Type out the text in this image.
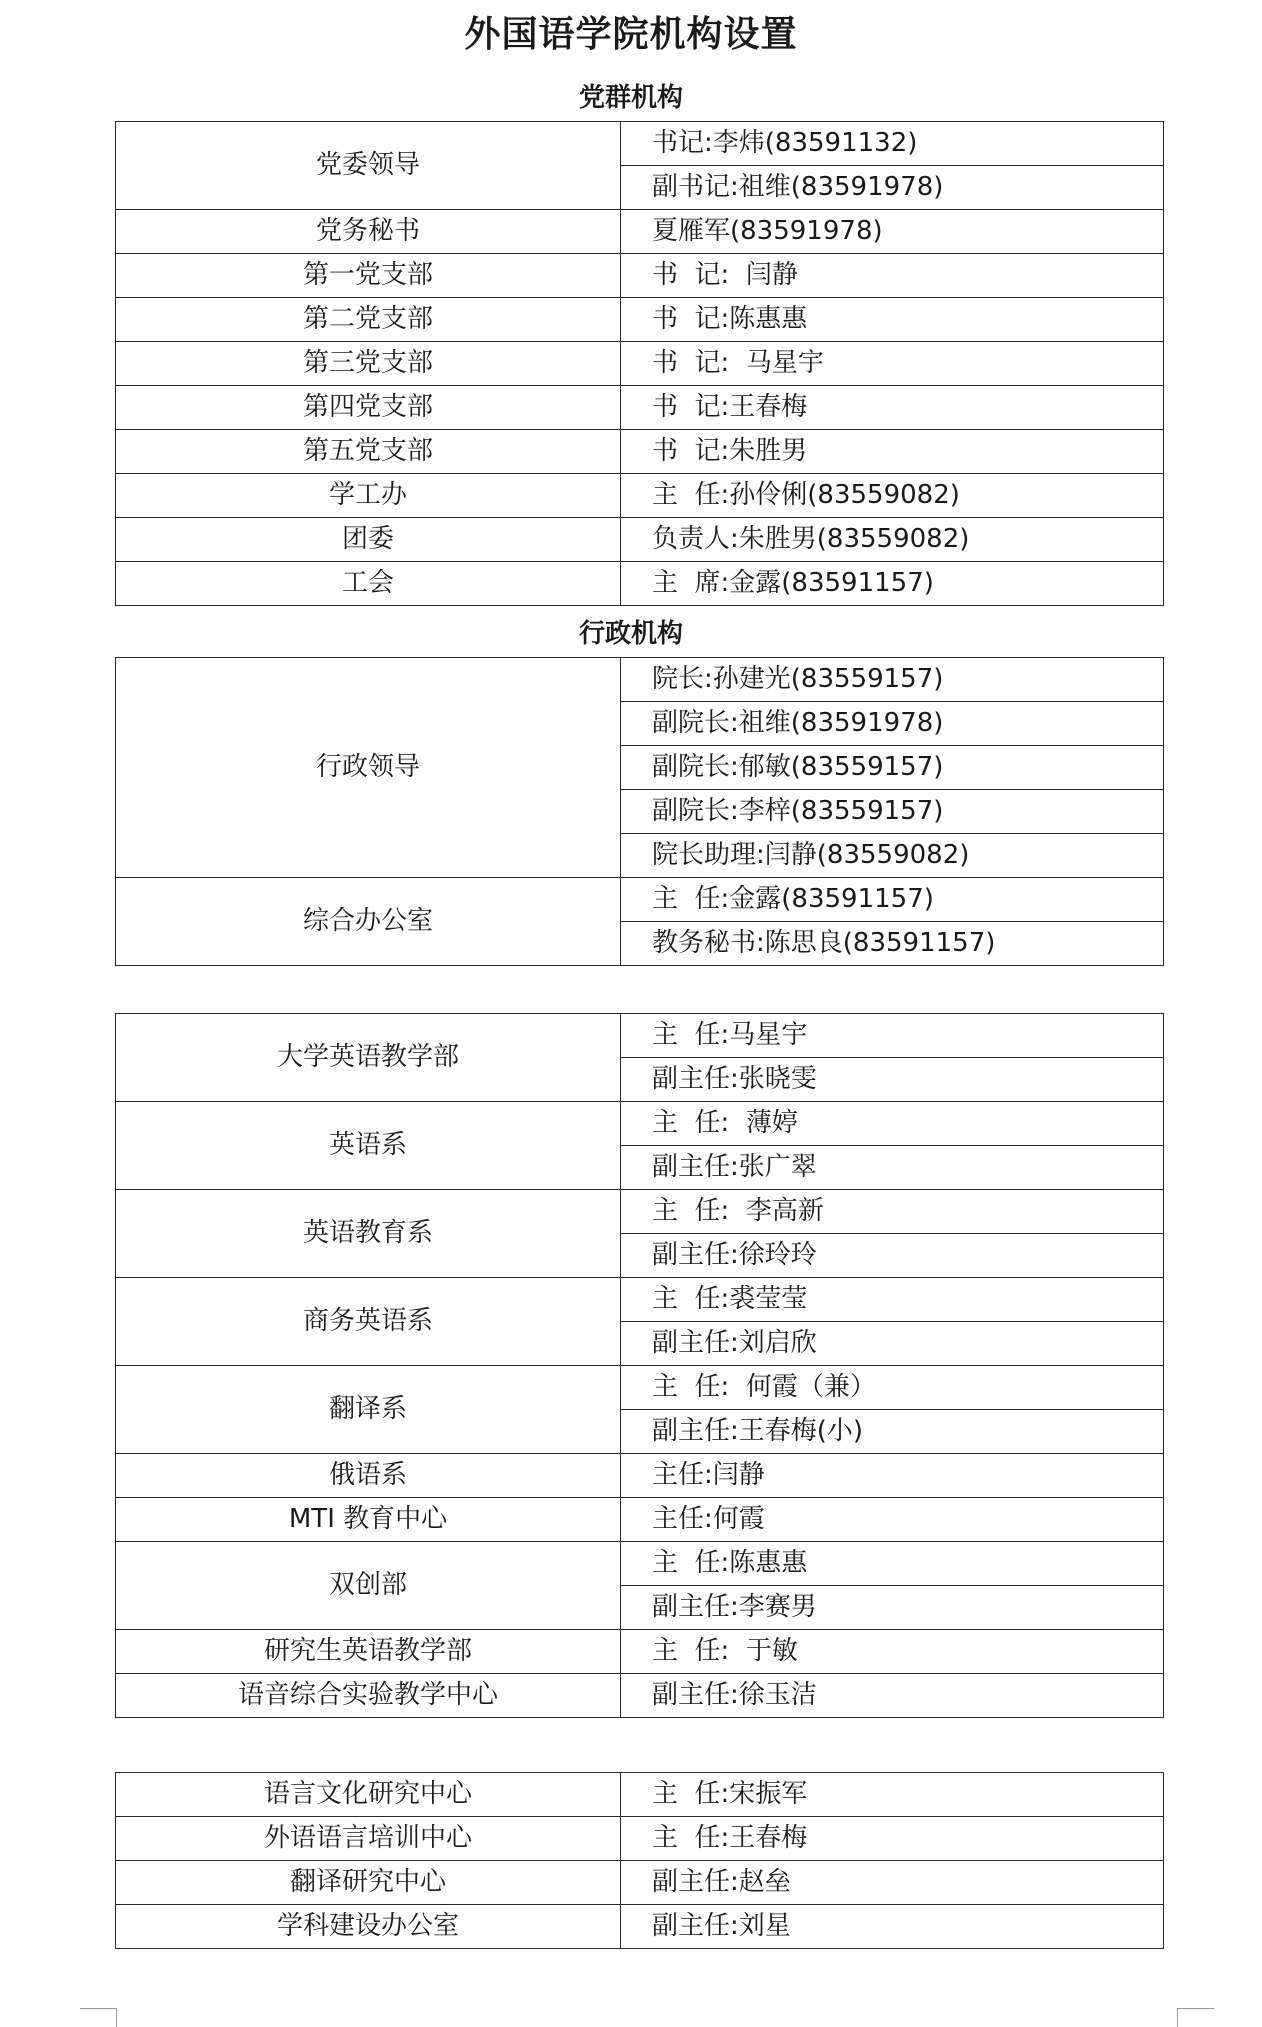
外国语学院机构设置
党群机构
党委领导	书记:李炜(83591132)
	副书记:祖维(83591978)
党务秘书	夏雁军(83591978)
第一党支部	书  记:  闫静
第二党支部	书  记:陈惠惠
第三党支部	书  记:  马星宇
第四党支部	书  记:王春梅
第五党支部	书  记:朱胜男
学工办	主  任:孙伶俐(83559082)
团委	负责人:朱胜男(83559082)
工会	主  席:金露(83591157)
行政机构
行政领导	院长:孙建光(83559157)
	副院长:祖维(83591978)
	副院长:郁敏(83559157)
	副院长:李梓(83559157)
	院长助理:闫静(83559082)
综合办公室	主  任:金露(83591157)
	教务秘书:陈思良(83591157)
大学英语教学部	主  任:马星宇
	副主任:张晓雯
英语系	主  任:  薄婷
	副主任:张广翠
英语教育系	主  任:  李高新
	副主任:徐玲玲
商务英语系	主  任:裘莹莹
	副主任:刘启欣
翻译系	主  任:  何霞（兼）
	副主任:王春梅(小)
俄语系	主任:闫静
MTI 教育中心	主任:何霞
双创部	主  任:陈惠惠
	副主任:李赛男
研究生英语教学部	主  任:  于敏
语音综合实验教学中心	副主任:徐玉洁
语言文化研究中心	主  任:宋振军
外语语言培训中心	主  任:王春梅
翻译研究中心	副主任:赵垒
学科建设办公室	副主任:刘星
